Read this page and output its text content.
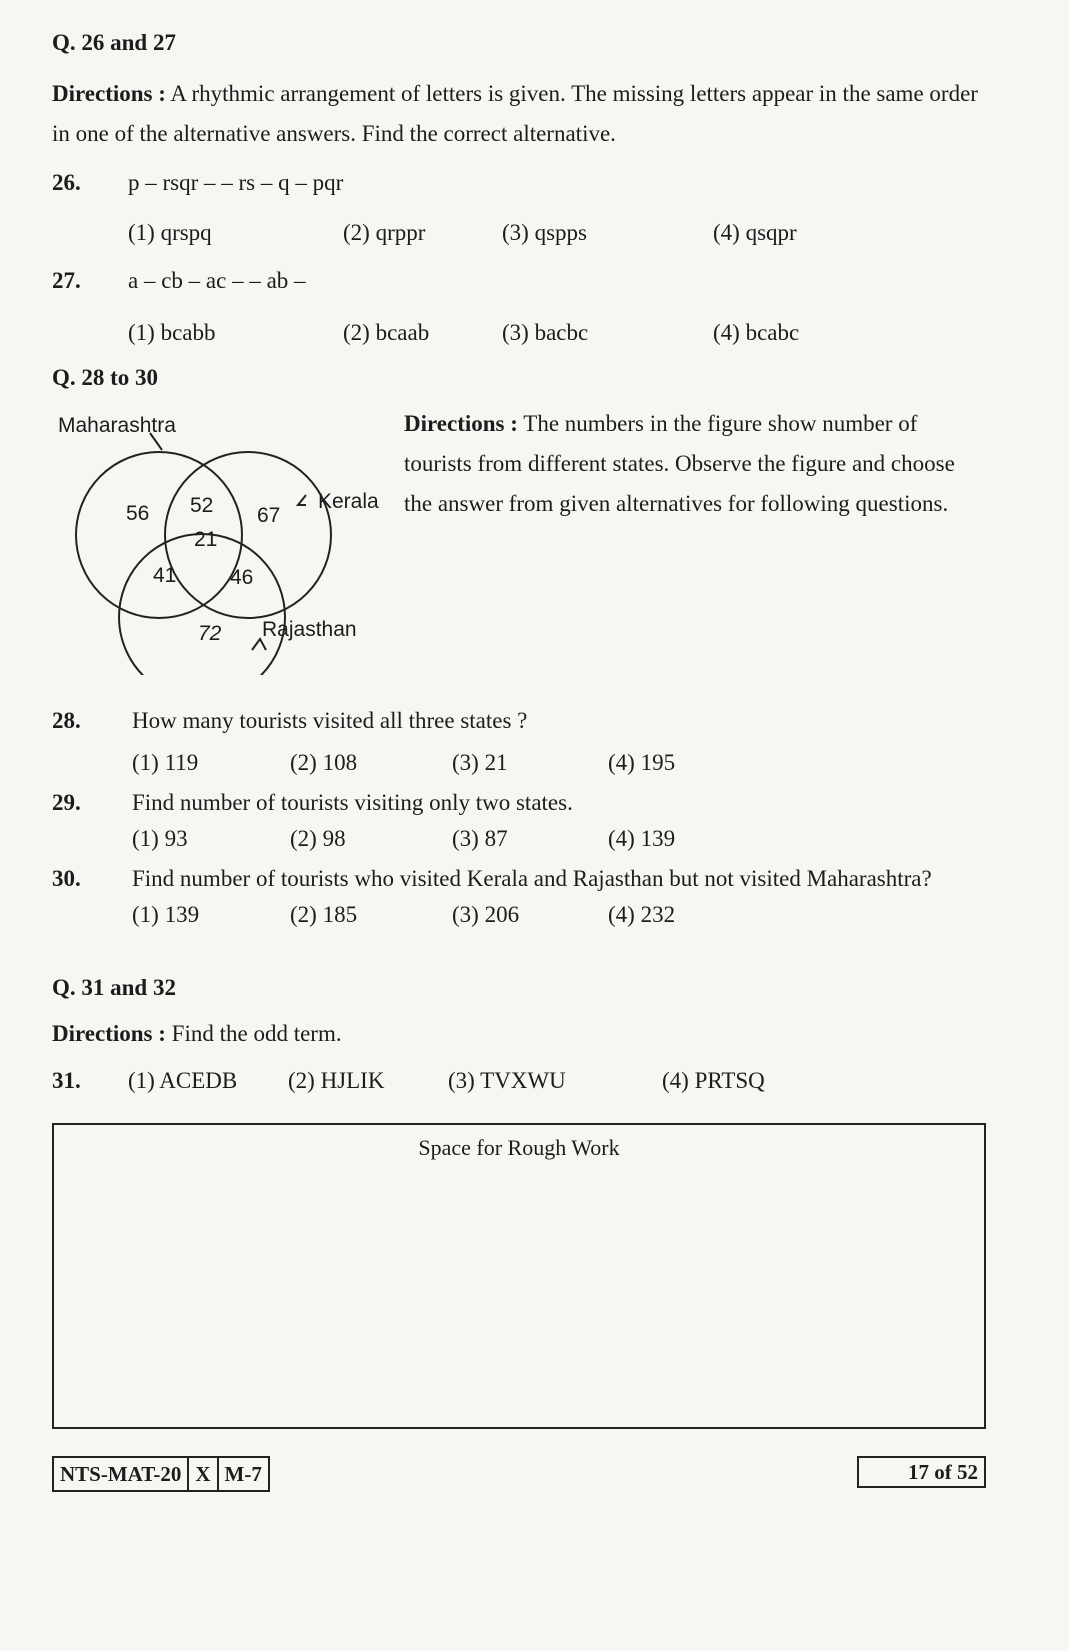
Q. 26 and 27
Directions : A rhythmic arrangement of letters is given. The missing letters appear in the same order in one of the alternative answers. Find the correct alternative.
26. p – rsqr – – rs – q – pqr
(1) qrspq	(2) qrppr	(3) qspps	(4) qsqpr
27. a – cb – ac – – ab –
(1) bcabb	(2) bcaab	(3) bacbc	(4) bcabc
Q. 28 to 30
Maharashtra
Kerala
Rajasthan
56 52
21
67
41	46
72
Directions : The numbers in the figure show number of tourists from different states. Observe the figure and choose the answer from given alternatives for following questions.
28. How many tourists visited all three states ?
(1) 119	(2) 108	(3) 21	(4) 195
29. Find number of tourists visiting only two states.
(1) 93	(2) 98	(3) 87	(4) 139
30. Find number of tourists who visited Kerala and Rajasthan but not visited Maharashtra?
(1) 139	(2) 185	(3) 206	(4) 232
Q. 31 and 32
Directions : Find the odd term.
31. (1) ACEDB (2) HJLIK	(3) TVXWU	(4) PRTSQ
Space for Rough Work
NTS-MAT-20 X M-7	17 of 52
